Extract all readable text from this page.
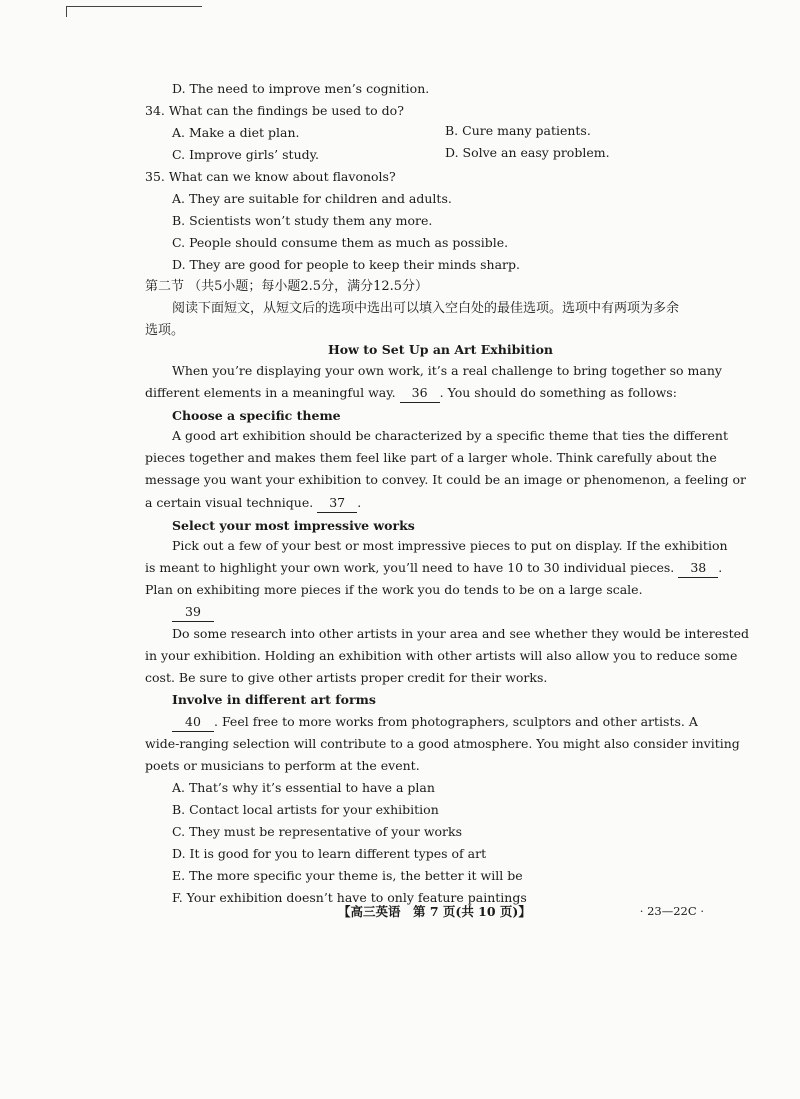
D. The need to improve men’s cognition.
34. What can the findings be used to do?
A. Make a diet plan.	B. Cure many patients.
C. Improve girls’ study.	D. Solve an easy problem.
35. What can we know about flavonols?
A. They are suitable for children and adults.
B. Scientists won’t study them any more.
C. People should consume them as much as possible.
D. They are good for people to keep their minds sharp.
第二节 （共5小题；每小题2.5分，满分12.5分）
阅读下面短文，从短文后的选项中选出可以填入空白处的最佳选项。选项中有两项为多余
选项。
How to Set Up an Art Exhibition
When you’re displaying your own work, it’s a real challenge to bring together so many
different elements in a meaningful way. 36 . You should do something as follows:
Choose a specific theme
A good art exhibition should be characterized by a specific theme that ties the different
pieces together and makes them feel like part of a larger whole. Think carefully about the
message you want your exhibition to convey. It could be an image or phenomenon, a feeling or
a certain visual technique. 37 .
Select your most impressive works
Pick out a few of your best or most impressive pieces to put on display. If the exhibition
is meant to highlight your own work, you’ll need to have 10 to 30 individual pieces. 38 .
Plan on exhibiting more pieces if the work you do tends to be on a large scale.
39
Do some research into other artists in your area and see whether they would be interested
in your exhibition. Holding an exhibition with other artists will also allow you to reduce some
cost. Be sure to give other artists proper credit for their works.
Involve in different art forms
40 . Feel free to more works from photographers, sculptors and other artists. A
wide-ranging selection will contribute to a good atmosphere. You might also consider inviting
poets or musicians to perform at the event.
A. That’s why it’s essential to have a plan
B. Contact local artists for your exhibition
C. They must be representative of your works
D. It is good for you to learn different types of art
E. The more specific your theme is, the better it will be
F. Your exhibition doesn’t have to only feature paintings
【高三英语　第 7 页(共 10 页)】	· 23—22C ·
